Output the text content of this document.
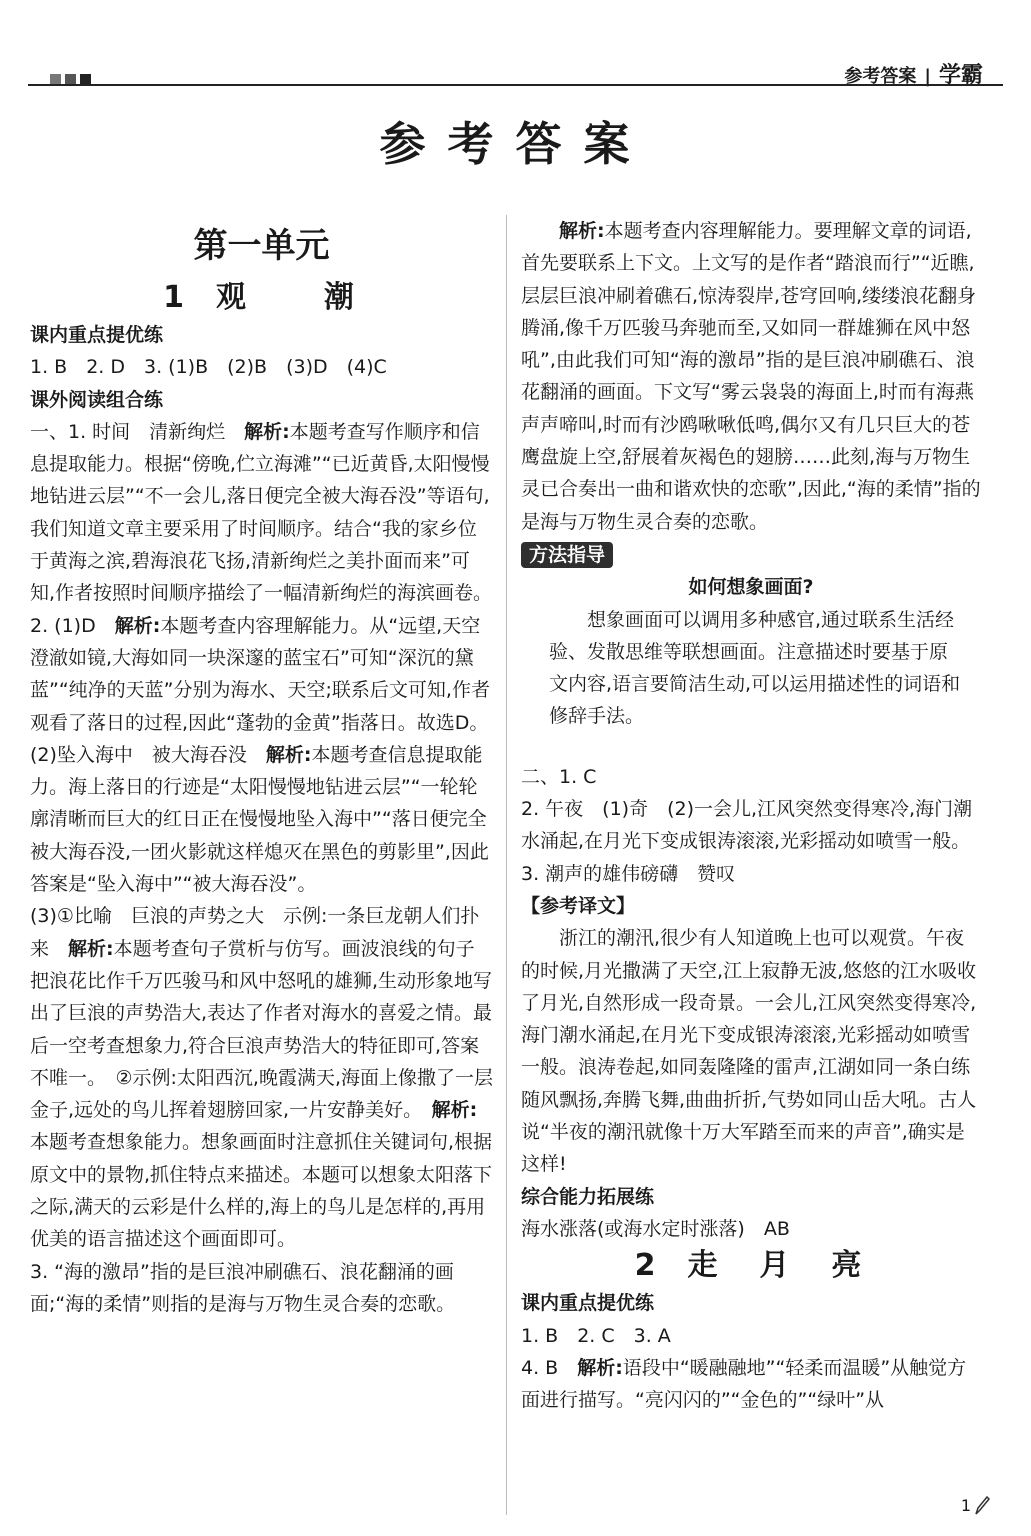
参考答案 | 学霸
参考答案
第一单元
1 观　　潮

课内重点提优练

1. B　2. D　3. (1)B　(2)B　(3)D　(4)C

课外阅读组合练

一、1. 时间　清新绚烂　解析:本题考查写作顺序和信息提取能力。根据“傍晚,伫立海滩”“已近黄昏,太阳慢慢地钻进云层”“不一会儿,落日便完全被大海吞没”等语句,我们知道文章主要采用了时间顺序。结合“我的家乡位于黄海之滨,碧海浪花飞扬,清新绚烂之美扑面而来”可知,作者按照时间顺序描绘了一幅清新绚烂的海滨画卷。

2. (1)D　解析:本题考查内容理解能力。从“远望,天空澄澈如镜,大海如同一块深邃的蓝宝石”可知“深沉的黛蓝”“纯净的天蓝”分别为海水、天空;联系后文可知,作者观看了落日的过程,因此“蓬勃的金黄”指落日。故选D。

(2)坠入海中　被大海吞没　解析:本题考查信息提取能力。海上落日的行迹是“太阳慢慢地钻进云层”“一轮轮廓清晰而巨大的红日正在慢慢地坠入海中”“落日便完全被大海吞没,一团火影就这样熄灭在黑色的剪影里”,因此答案是“坠入海中”“被大海吞没”。

(3)①比喻　巨浪的声势之大　示例:一条巨龙朝人们扑来　解析:本题考查句子赏析与仿写。画波浪线的句子把浪花比作千万匹骏马和风中怒吼的雄狮,生动形象地写出了巨浪的声势浩大,表达了作者对海水的喜爱之情。最后一空考查想象力,符合巨浪声势浩大的特征即可,答案不唯一。　②示例:太阳西沉,晚霞满天,海面上像撒了一层金子,远处的鸟儿挥着翅膀回家,一片安静美好。　解析:本题考查想象能力。想象画面时注意抓住关键词句,根据原文中的景物,抓住特点来描述。本题可以想象太阳落下之际,满天的云彩是什么样的,海上的鸟儿是怎样的,再用优美的语言描述这个画面即可。

3. “海的激昂”指的是巨浪冲刷礁石、浪花翻涌的画面;“海的柔情”则指的是海与万物生灵合奏的恋歌。

解析:本题考查内容理解能力。要理解文章的词语,首先要联系上下文。上文写的是作者“踏浪而行”“近瞧,层层巨浪冲刷着礁石,惊涛裂岸,苍穹回响,缕缕浪花翻身腾涌,像千万匹骏马奔驰而至,又如同一群雄狮在风中怒吼”,由此我们可知“海的激昂”指的是巨浪冲刷礁石、浪花翻涌的画面。下文写“雾云袅袅的海面上,时而有海燕声声啼叫,时而有沙鸥啾啾低鸣,偶尔又有几只巨大的苍鹰盘旋上空,舒展着灰褐色的翅膀……此刻,海与万物生灵已合奏出一曲和谐欢快的恋歌”,因此,“海的柔情”指的是海与万物生灵合奏的恋歌。

方法指导

如何想象画面?

想象画面可以调用多种感官,通过联系生活经验、发散思维等联想画面。注意描述时要基于原文内容,语言要简洁生动,可以运用描述性的词语和修辞手法。

二、1. C

2. 午夜　(1)奇　(2)一会儿,江风突然变得寒冷,海门潮水涌起,在月光下变成银涛滚滚,光彩摇动如喷雪一般。

3. 潮声的雄伟磅礴　赞叹

【参考译文】

浙江的潮汛,很少有人知道晚上也可以观赏。午夜的时候,月光撒满了天空,江上寂静无波,悠悠的江水吸收了月光,自然形成一段奇景。一会儿,江风突然变得寒冷,海门潮水涌起,在月光下变成银涛滚滚,光彩摇动如喷雪一般。浪涛卷起,如同轰隆隆的雷声,江湖如同一条白练随风飘扬,奔腾飞舞,曲曲折折,气势如同山岳大吼。古人说“半夜的潮汛就像十万大军踏至而来的声音”,确实是这样!

综合能力拓展练

海水涨落(或海水定时涨落)　AB

2 走　月　亮

课内重点提优练

1. B　2. C　3. A

4. B　解析:语段中“暖融融地”“轻柔而温暖”从触觉方面进行描写。“亮闪闪的”“金色的”“绿叶”从

1
